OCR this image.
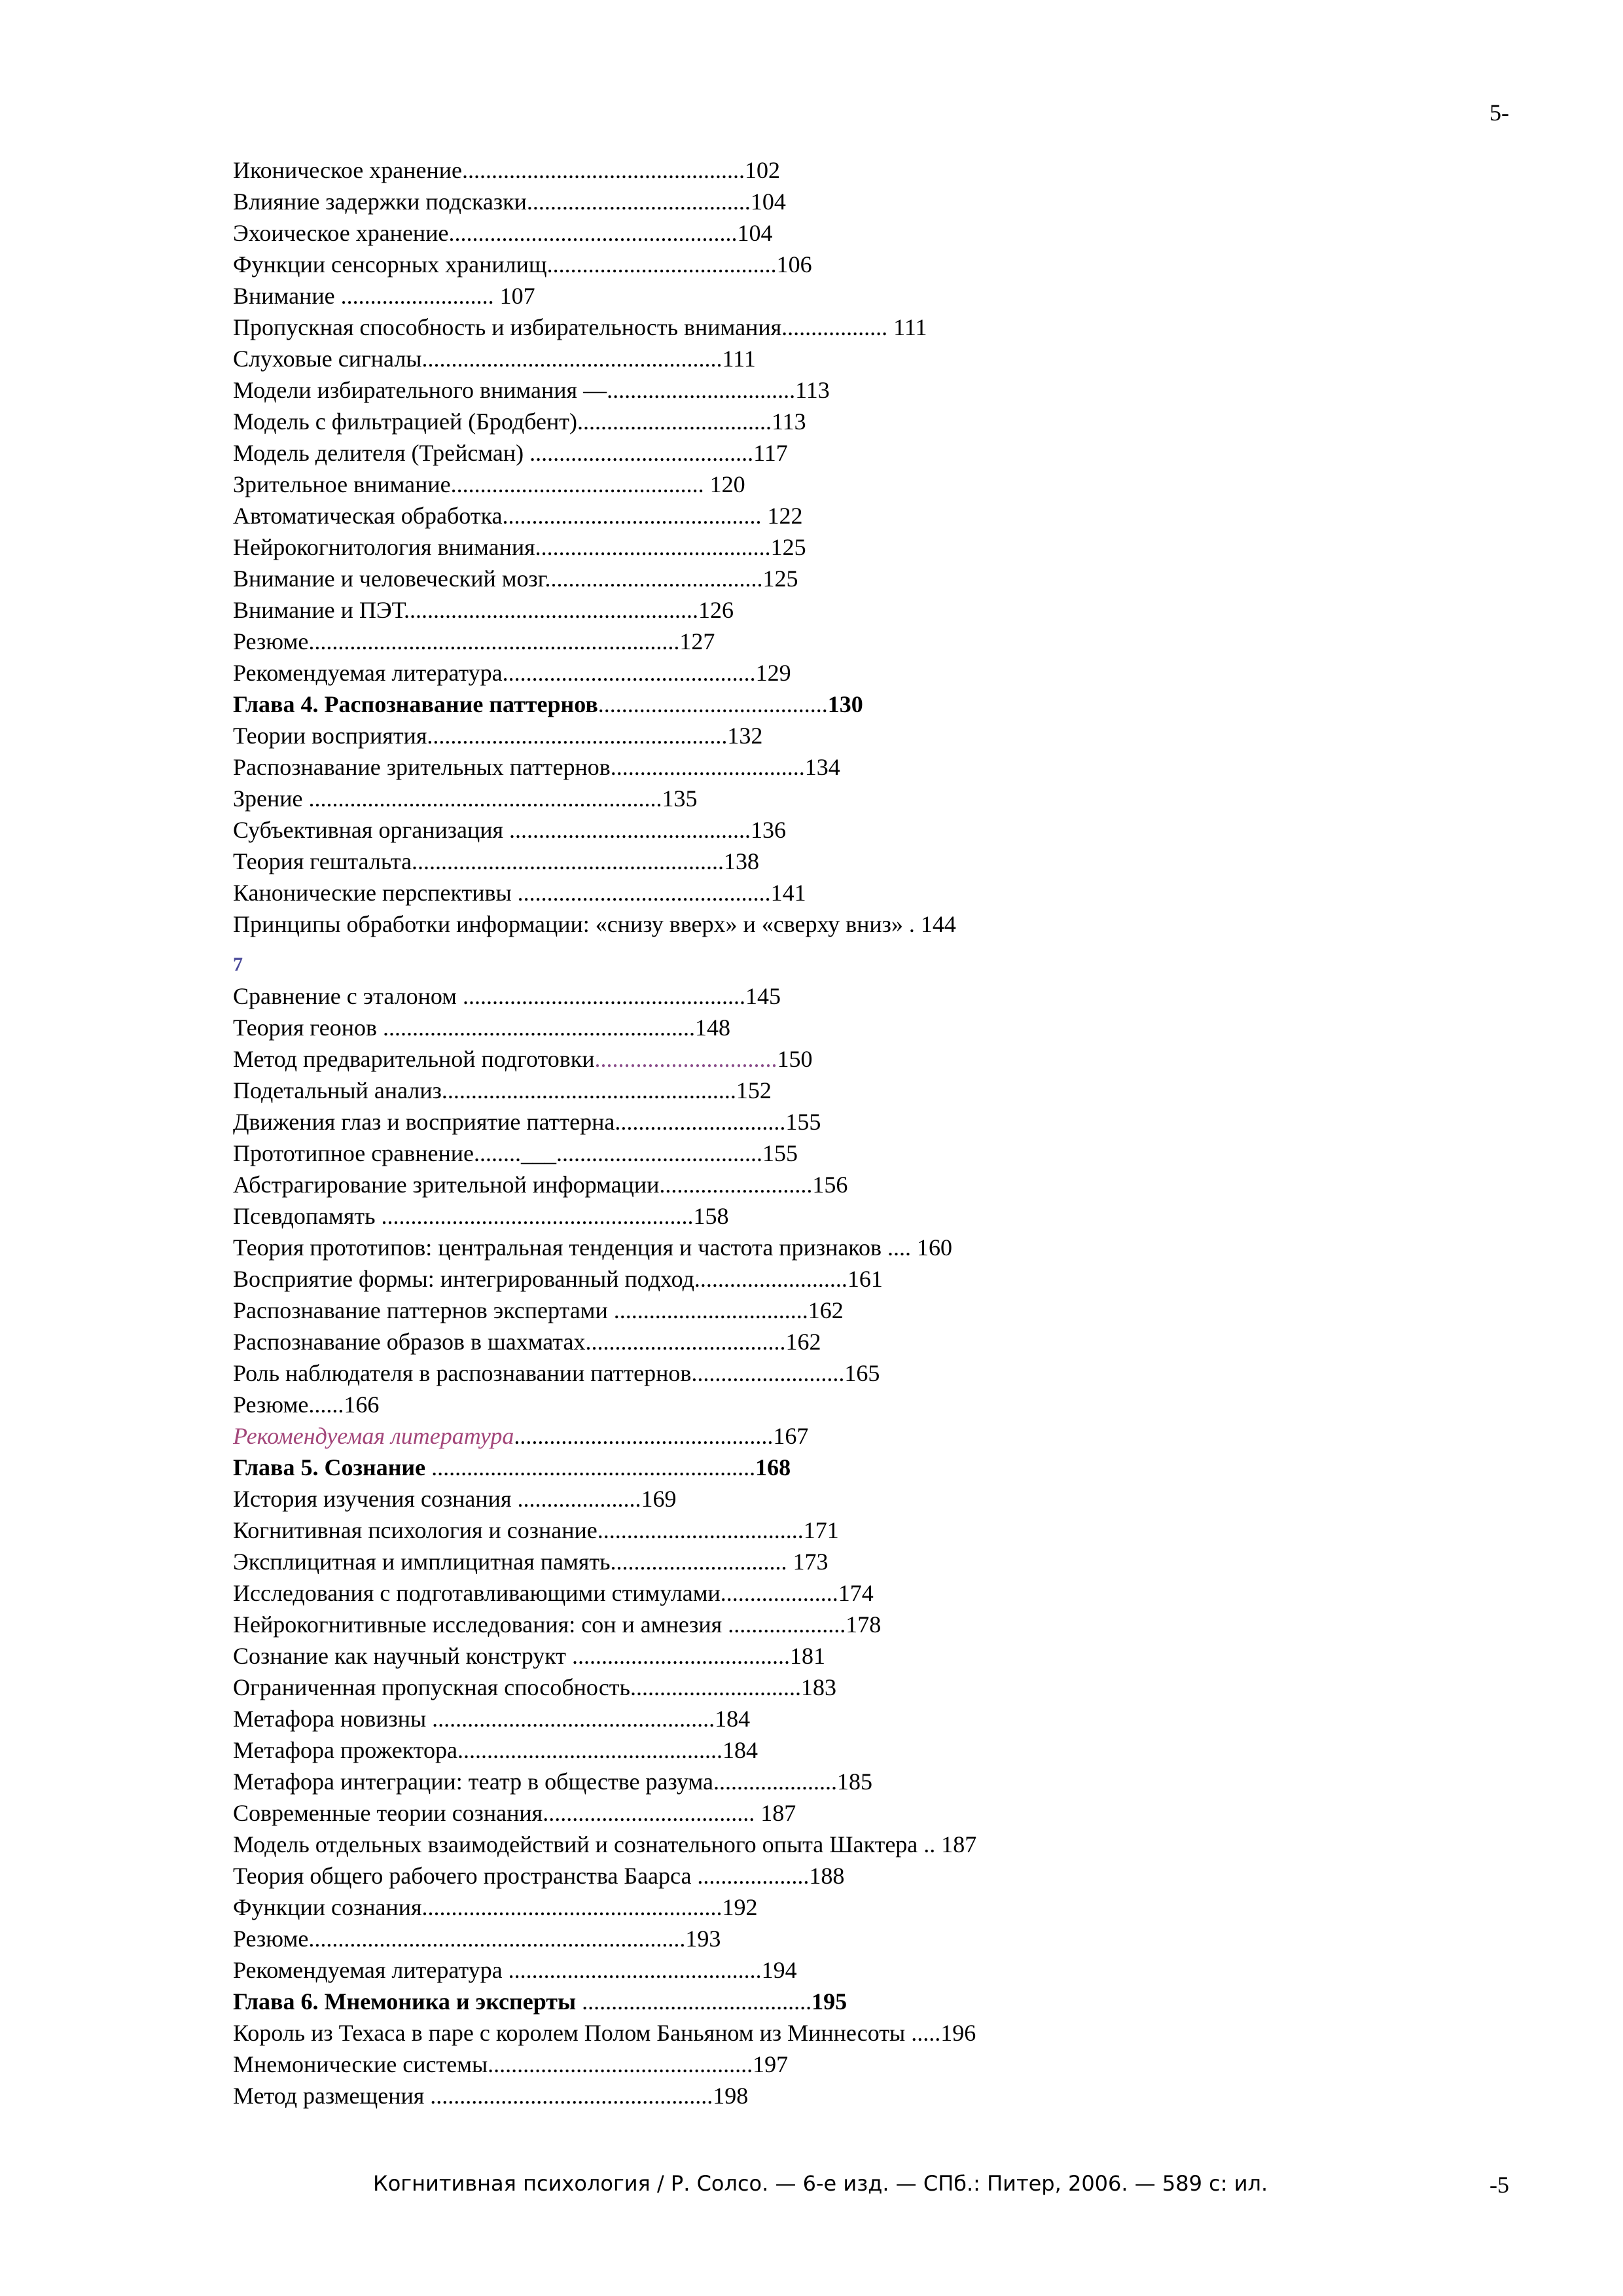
5-
Иконическое хранение................................................102
Влияние задержки подсказки......................................104
Эхоическое хранение.................................................104
Функции сенсорных хранилищ.......................................106
Внимание .......................... 107
Пропускная способность и избирательность внимания.................. 111
Слуховые сигналы...................................................111
Модели избирательного внимания —................................113
Модель с фильтрацией (Бродбент).................................113
Модель делителя (Трейсман) ......................................117
Зрительное внимание........................................... 120
Автоматическая обработка............................................ 122
Нейрокогнитология внимания........................................125
Внимание и человеческий мозг.....................................125
Внимание и ПЭТ..................................................126
Резюме...............................................................127
Рекомендуемая литература...........................................129
Глава 4. Распознавание паттернов.......................................130
Теории восприятия...................................................132
Распознавание зрительных паттернов.................................134
Зрение ............................................................135
Субъективная организация .........................................136
Теория гештальта.....................................................138
Канонические перспективы ...........................................141
Принципы обработки информации: «снизу вверх» и «сверху вниз» . 144
7
Сравнение с эталоном ................................................145
Теория геонов .....................................................148
Метод предварительной подготовки...............................150
Подетальный анализ..................................................152
Движения глаз и восприятие паттерна.............................155
Прототипное сравнение........___...................................155
Абстрагирование зрительной информации..........................156
Псевдопамять .....................................................158
Теория прототипов: центральная тенденция и частота признаков .... 160
Восприятие формы: интегрированный подход..........................161
Распознавание паттернов экспертами .................................162
Распознавание образов в шахматах..................................162
Роль наблюдателя в распознавании паттернов..........................165
Резюме......166
Рекомендуемая литература............................................167
Глава 5. Сознание .......................................................168
История изучения сознания .....................169
Когнитивная психология и сознание...................................171
Эксплицитная и имплицитная память.............................. 173
Исследования с подготавливающими стимулами....................174
Нейрокогнитивные исследования: сон и амнезия ....................178
Сознание как научный конструкт .....................................181
Ограниченная пропускная способность.............................183
Метафора новизны ................................................184
Метафора прожектора.............................................184
Метафора интеграции: театр в обществе разума.....................185
Современные теории сознания.................................... 187
Модель отдельных взаимодействий и сознательного опыта Шактера .. 187
Теория общего рабочего пространства Баарса ...................188
Функции сознания...................................................192
Резюме................................................................193
Рекомендуемая литература ...........................................194
Глава 6. Мнемоника и эксперты .......................................195
Король из Техаса в паре с королем Полом Баньяном из Миннесоты .....196
Мнемонические системы.............................................197
Метод размещения ................................................198
Когнитивная психология / Р. Солсо. — 6-е изд. — СПб.: Питер, 2006. — 589 с: ил.	-5
